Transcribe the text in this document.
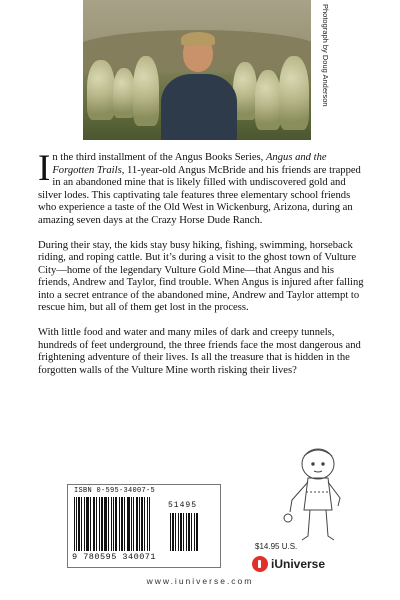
Photograph by Doug Anderson

In the third installment of the Angus Books Series, Angus and the Forgotten Trails, 11-year-old Angus McBride and his friends are trapped in an abandoned mine that is likely filled with undiscovered gold and silver lodes. This captivating tale features three elementary school friends who experience a taste of the Old West in Wickenburg, Arizona, during an amazing seven days at the Crazy Horse Dude Ranch.

During their stay, the kids stay busy hiking, fishing, swimming, horseback riding, and roping cattle. But it’s during a visit to the ghost town of Vulture City—home of the legendary Vulture Gold Mine—that Angus and his friends, Andrew and Taylor, find trouble. When Angus is injured after falling into a secret entrance of the abandoned mine, Andrew and Taylor attempt to rescue him, but all of them get lost in the process.

With little food and water and many miles of dark and creepy tunnels, hundreds of feet underground, the three friends face the most dangerous and frightening adventure of their lives. Is all the treasure that is hidden in the forgotten walls of the Vulture Mine worth risking their lives?

ISBN 0-595-34007-5
51495
9 780595 340071
$14.95 U.S.
iUniverse
www.iuniverse.com
